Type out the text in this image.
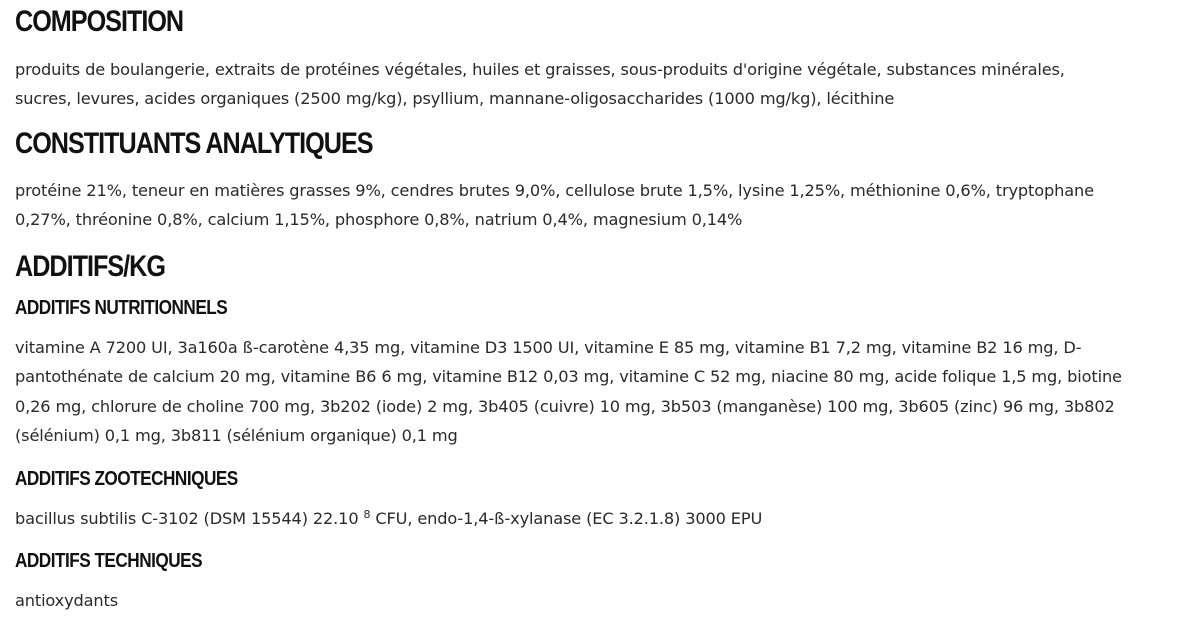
COMPOSITION

produits de boulangerie, extraits de protéines végétales, huiles et graisses, sous-produits d'origine végétale, substances minérales,
sucres, levures, acides organiques (2500 mg/kg), psyllium, mannane-oligosaccharides (1000 mg/kg), lécithine

CONSTITUANTS ANALYTIQUES

protéine 21%, teneur en matières grasses 9%, cendres brutes 9,0%, cellulose brute 1,5%, lysine 1,25%, méthionine 0,6%, tryptophane
0,27%, thréonine 0,8%, calcium 1,15%, phosphore 0,8%, natrium 0,4%, magnesium 0,14%

ADDITIFS/KG
ADDITIFS NUTRITIONNELS

vitamine A 7200 UI, 3a160a ß-carotène 4,35 mg, vitamine D3 1500 UI, vitamine E 85 mg, vitamine B1 7,2 mg, vitamine B2 16 mg, D-
pantothénate de calcium 20 mg, vitamine B6 6 mg, vitamine B12 0,03 mg, vitamine C 52 mg, niacine 80 mg, acide folique 1,5 mg, biotine
0,26 mg, chlorure de choline 700 mg, 3b202 (iode) 2 mg, 3b405 (cuivre) 10 mg, 3b503 (manganèse) 100 mg, 3b605 (zinc) 96 mg, 3b802
(sélénium) 0,1 mg, 3b811 (sélénium organique) 0,1 mg

ADDITIFS ZOOTECHNIQUES

bacillus subtilis C-3102 (DSM 15544) 22.10 $^8$ CFU, endo-1,4-ß-xylanase (EC 3.2.1.8) 3000 EPU

ADDITIFS TECHNIQUES

antioxydants
